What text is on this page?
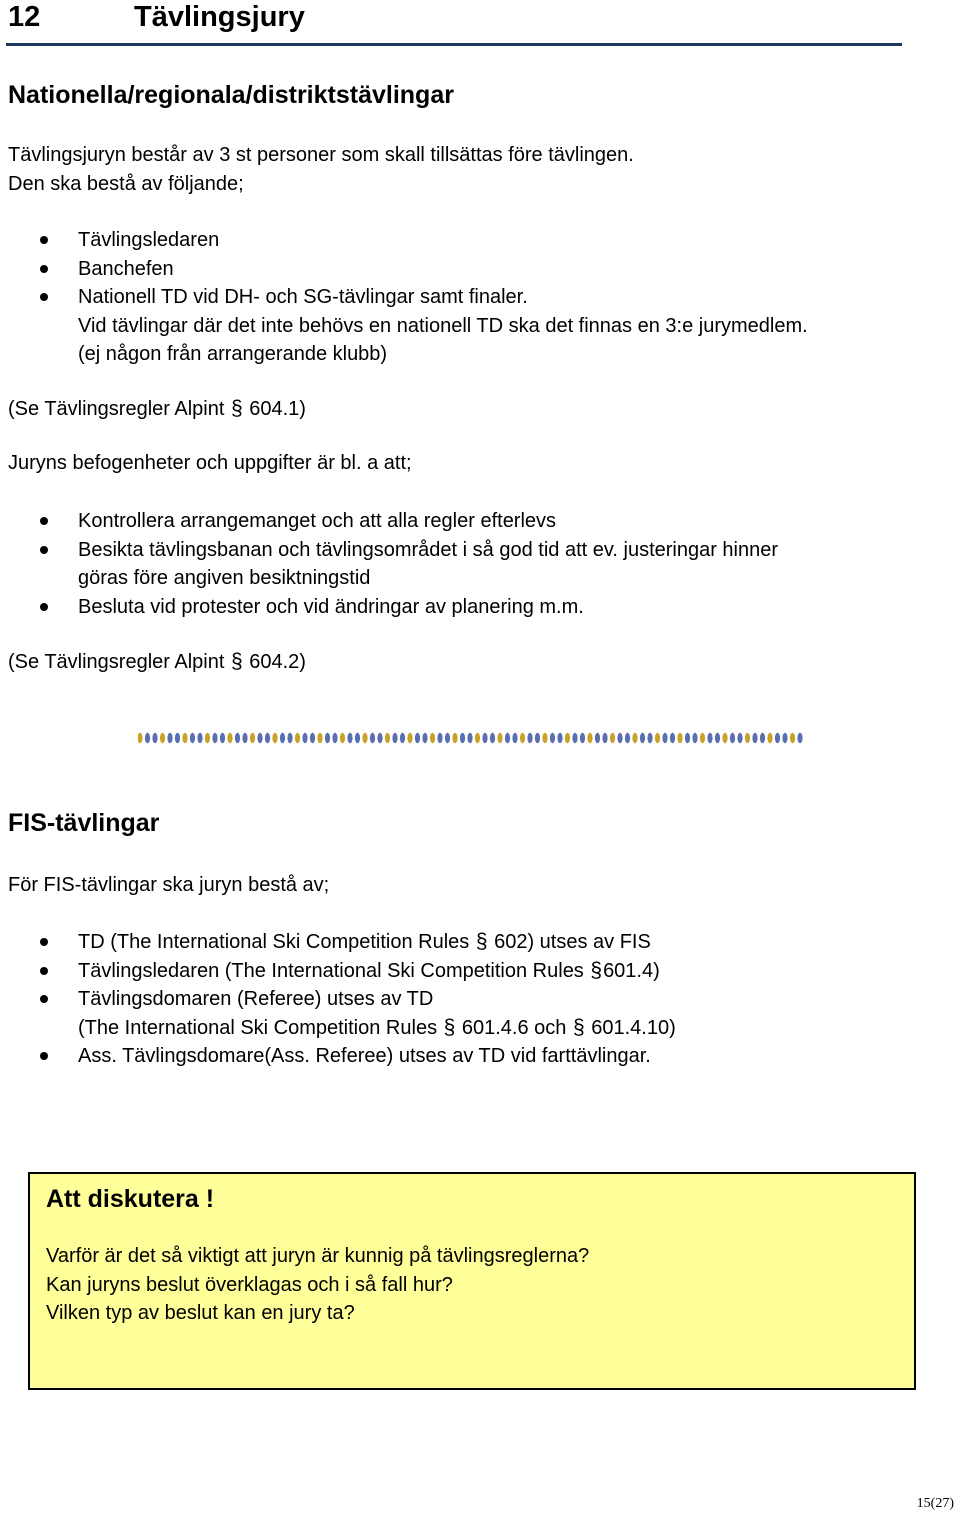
12	Tävlingsjury
Nationella/regionala/distriktstävlingar
Tävlingsjuryn består av 3 st personer som skall tillsättas före tävlingen.
Den ska bestå av följande;
Tävlingsledaren
Banchefen
Nationell TD vid DH- och SG-tävlingar samt finaler.
Vid tävlingar där det inte behövs en nationell TD ska det finnas en 3:e jurymedlem.
(ej någon från arrangerande klubb)
(Se Tävlingsregler Alpint § 604.1)
Juryns befogenheter och uppgifter är bl. a att;
Kontrollera arrangemanget och att alla regler efterlevs
Besikta tävlingsbanan och tävlingsområdet i så god tid att ev. justeringar hinner
göras före angiven besiktningstid
Besluta vid protester och vid ändringar av planering m.m.
(Se Tävlingsregler Alpint § 604.2)
FIS-tävlingar
För FIS-tävlingar ska juryn bestå av;
TD (The International Ski Competition Rules § 602) utses av FIS
Tävlingsledaren (The International Ski Competition Rules §601.4)
Tävlingsdomaren (Referee) utses av TD
(The International Ski Competition Rules § 601.4.6 och § 601.4.10)
Ass. Tävlingsdomare(Ass. Referee) utses av TD vid farttävlingar.
Att diskutera !
Varför är det så viktigt att juryn är kunnig på tävlingsreglerna?
Kan juryns beslut överklagas och i så fall hur?
Vilken typ av beslut kan en jury ta?
15(27)
